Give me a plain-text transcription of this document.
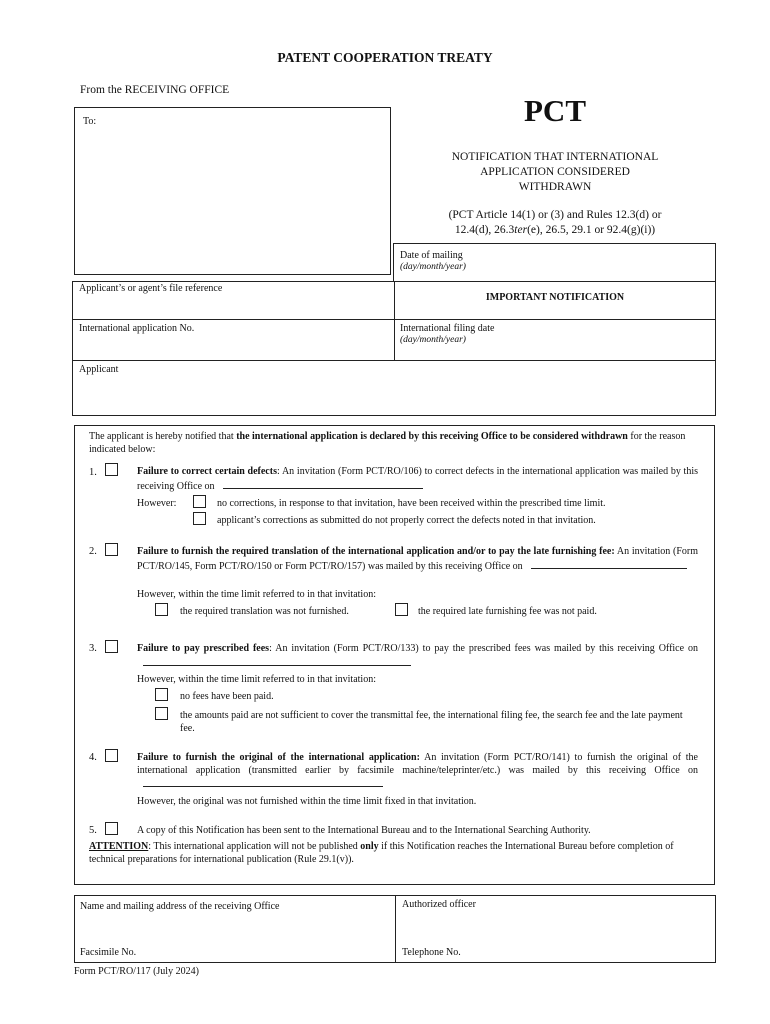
PATENT COOPERATION TREATY
From the RECEIVING OFFICE
To:	PCT
NOTIFICATION THAT INTERNATIONAL
APPLICATION CONSIDERED
WITHDRAWN
(PCT Article 14(1) or (3) and Rules 12.3(d) or
12.4(d), 26.3ter(e), 26.5, 29.1 or 92.4(g)(i))
Date of mailing
(day/month/year)
Applicant’s or agent’s file reference
IMPORTANT NOTIFICATION
International application No.	International filing date
(day/month/year)
Applicant
The applicant is hereby notified that the international application is declared by this receiving Office to be considered withdrawn for the reason indicated below:
1.	Failure to correct certain defects: An invitation (Form PCT/RO/106) to correct defects in the international application was mailed by this receiving Office on
However:	no corrections, in response to that invitation, have been received within the prescribed time limit.
applicant’s corrections as submitted do not properly correct the defects noted in that invitation.
2.	Failure to furnish the required translation of the international application and/or to pay the late furnishing fee: An invitation (Form PCT/RO/145, Form PCT/RO/150 or Form PCT/RO/157) was mailed by this receiving Office on
However, within the time limit referred to in that invitation:
the required translation was not furnished.	the required late furnishing fee was not paid.
3.	Failure to pay prescribed fees: An invitation (Form PCT/RO/133) to pay the prescribed fees was mailed by this receiving Office on
However, within the time limit referred to in that invitation:
no fees have been paid.
the amounts paid are not sufficient to cover the transmittal fee, the international filing fee, the search fee and the late payment fee.
4.	Failure to furnish the original of the international application: An invitation (Form PCT/RO/141) to furnish the original of the international application (transmitted earlier by facsimile machine/teleprinter/etc.) was mailed by this receiving Office on
However, the original was not furnished within the time limit fixed in that invitation.
5.	A copy of this Notification has been sent to the International Bureau and to the International Searching Authority.
ATTENTION: This international application will not be published only if this Notification reaches the International Bureau before completion of technical preparations for international publication (Rule 29.1(v)).
Name and mailing address of the receiving Office
Facsimile No.
Authorized officer
Telephone No.
Form PCT/RO/117 (July 2024)
